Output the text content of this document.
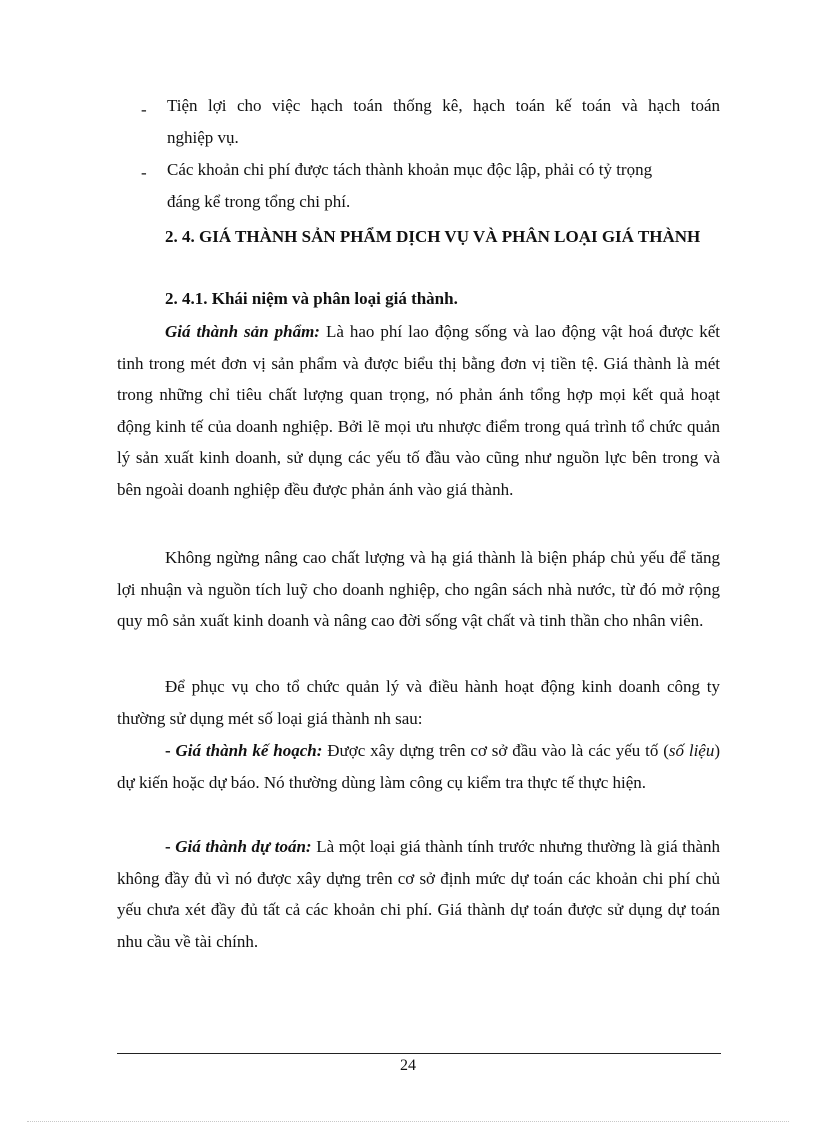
- Tiện lợi cho việc hạch toán thống kê, hạch toán kế toán và hạch toán
nghiệp vụ.
- Các khoản chi phí được tách thành khoản mục độc lập, phải có tỷ trọng
đáng kể trong tổng chi phí.
2. 4. GIÁ THÀNH SẢN PHẨM DỊCH VỤ VÀ PHÂN LOẠI GIÁ THÀNH
2. 4.1. Khái niệm và phân loại giá thành.
Giá thành sản phẩm: Là hao phí lao động sống và lao động vật hoá được kết tinh trong mét đơn vị sản phẩm và được biểu thị bằng đơn vị tiền tệ. Giá thành là mét trong những chỉ tiêu chất lượng quan trọng, nó phản ánh tổng hợp mọi kết quả hoạt động kinh tế của doanh nghiệp. Bởi lẽ mọi ưu nhược điểm trong quá trình tổ chức quản lý sản xuất kinh doanh, sử dụng các yếu tố đầu vào cũng như nguồn lực bên trong và bên ngoài doanh nghiệp đều được phản ánh vào giá thành.
Không ngừng nâng cao chất lượng và hạ giá thành là biện pháp chủ yếu để tăng lợi nhuận và nguồn tích luỹ cho doanh nghiệp, cho ngân sách nhà nước, từ đó mở rộng quy mô sản xuất kinh doanh và nâng cao đời sống vật chất và tinh thần cho nhân viên.
Để phục vụ cho tổ chức quản lý và điều hành hoạt động kinh doanh công ty thường sử dụng mét số loại giá thành nh sau:
- Giá thành kế hoạch: Được xây dựng trên cơ sở đầu vào là các yếu tố (số liệu) dự kiến hoặc dự báo. Nó thường dùng làm công cụ kiểm tra thực tế thực hiện.
- Giá thành dự toán: Là một loại giá thành tính trước nhưng thường là giá thành không đầy đủ vì nó được xây dựng trên cơ sở định mức dự toán các khoản chi phí chủ yếu chưa xét đầy đủ tất cả các khoản chi phí. Giá thành dự toán được sử dụng dự toán nhu cầu về tài chính.
24
